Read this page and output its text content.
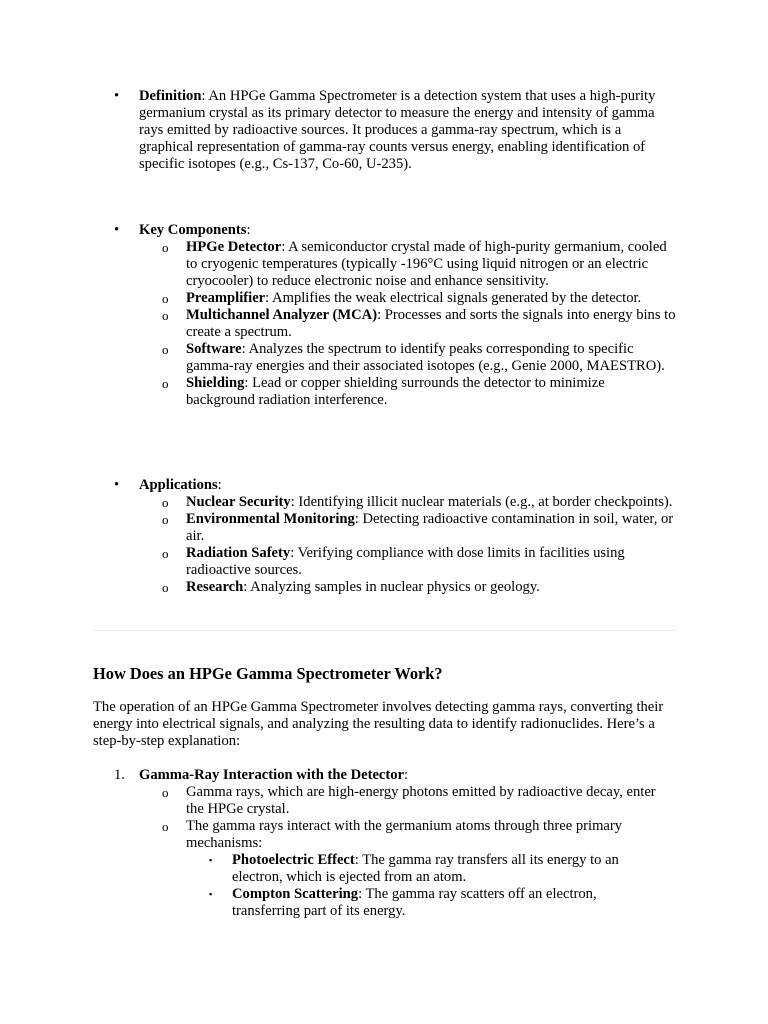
• Definition: An HPGe Gamma Spectrometer is a detection system that uses a high-purity germanium crystal as its primary detector to measure the energy and intensity of gamma rays emitted by radioactive sources. It produces a gamma-ray spectrum, which is a graphical representation of gamma-ray counts versus energy, enabling identification of specific isotopes (e.g., Cs-137, Co-60, U-235).
• Key Components:
o HPGe Detector: A semiconductor crystal made of high-purity germanium, cooled to cryogenic temperatures (typically -196°C using liquid nitrogen or an electric cryocooler) to reduce electronic noise and enhance sensitivity.
o Preamplifier: Amplifies the weak electrical signals generated by the detector.
o Multichannel Analyzer (MCA): Processes and sorts the signals into energy bins to create a spectrum.
o Software: Analyzes the spectrum to identify peaks corresponding to specific gamma-ray energies and their associated isotopes (e.g., Genie 2000, MAESTRO).
o Shielding: Lead or copper shielding surrounds the detector to minimize background radiation interference.
• Applications:
o Nuclear Security: Identifying illicit nuclear materials (e.g., at border checkpoints).
o Environmental Monitoring: Detecting radioactive contamination in soil, water, or air.
o Radiation Safety: Verifying compliance with dose limits in facilities using radioactive sources.
o Research: Analyzing samples in nuclear physics or geology.
How Does an HPGe Gamma Spectrometer Work?
The operation of an HPGe Gamma Spectrometer involves detecting gamma rays, converting their energy into electrical signals, and analyzing the resulting data to identify radionuclides. Here’s a step-by-step explanation:
1. Gamma-Ray Interaction with the Detector:
o Gamma rays, which are high-energy photons emitted by radioactive decay, enter the HPGe crystal.
o The gamma rays interact with the germanium atoms through three primary mechanisms:
▪ Photoelectric Effect: The gamma ray transfers all its energy to an electron, which is ejected from an atom.
▪ Compton Scattering: The gamma ray scatters off an electron, transferring part of its energy.
